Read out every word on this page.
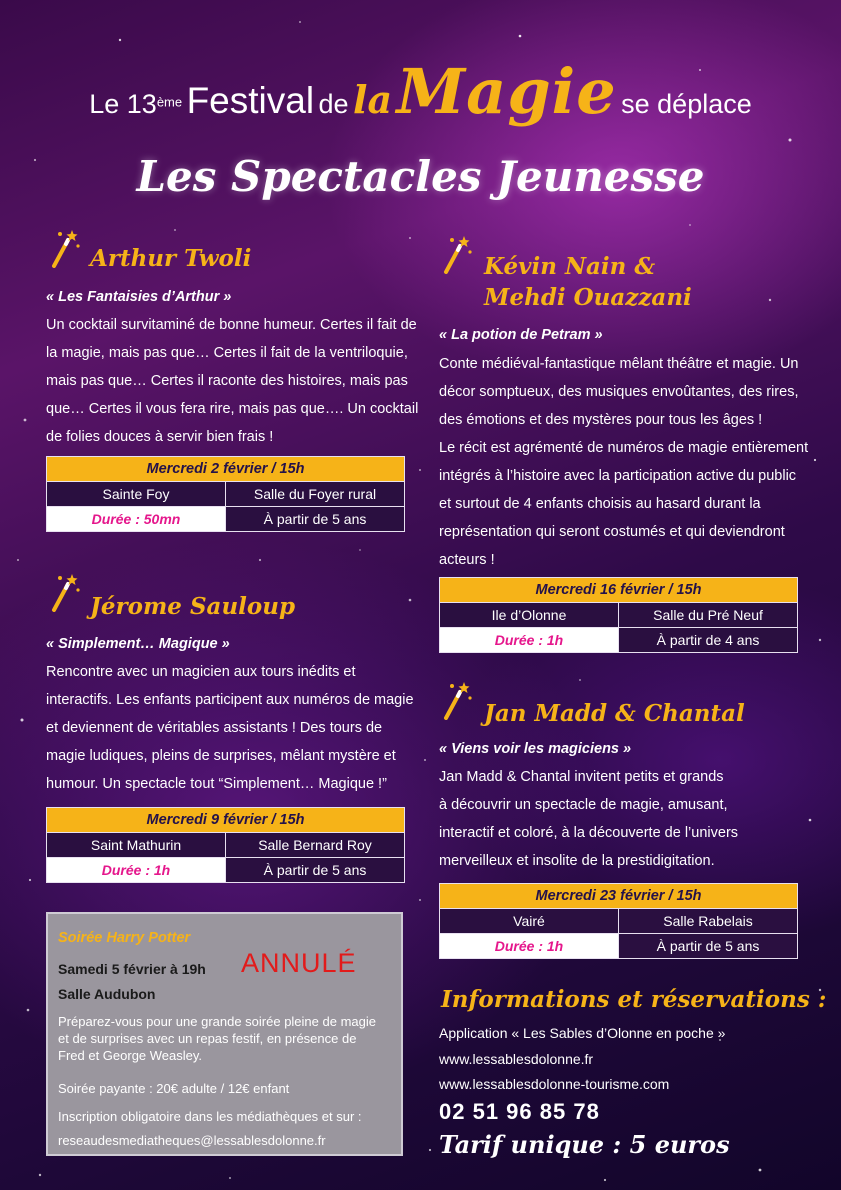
Le 13ème Festival de la Magie se déplace
Les Spectacles Jeunesse
Arthur Twoli
« Les Fantaisies d’Arthur »
Un cocktail survitaminé de bonne humeur. Certes il fait de
la magie, mais pas que… Certes il fait de la ventriloquie,
mais pas que… Certes il raconte des histoires, mais pas
que… Certes il vous fera rire, mais pas que…. Un cocktail
de folies douces à servir bien frais !
Mercredi 2 février / 15h	
Sainte Foy	Salle du Foyer rural
Durée : 50mn	À partir de 5 ans
Jérome Sauloup
« Simplement… Magique »
Rencontre avec un magicien aux tours inédits et
interactifs. Les enfants participent aux numéros de magie
et deviennent de véritables assistants ! Des tours de
magie ludiques, pleins de surprises, mêlant mystère et
humour. Un spectacle tout “Simplement… Magique !”
Mercredi 9 février / 15h	
Saint Mathurin	Salle Bernard Roy
Durée : 1h	À partir de 5 ans
Kévin Nain &
Mehdi Ouazzani
« La potion de Petram »
Conte médiéval-fantastique mêlant théâtre et magie. Un
décor somptueux, des musiques envoûtantes, des rires,
des émotions et des mystères pour tous les âges !
Le récit est agrémenté de numéros de magie entièrement
intégrés à l’histoire avec la participation active du public
et surtout de 4 enfants choisis au hasard durant la
représentation qui seront costumés et qui deviendront
acteurs !
Mercredi 16 février / 15h	
Ile d’Olonne	Salle du Pré Neuf
Durée : 1h	À partir de 4 ans
Jan Madd & Chantal
« Viens voir les magiciens »
Jan Madd & Chantal invitent petits et grands
à découvrir un spectacle de magie, amusant,
interactif et coloré, à la découverte de l’univers
merveilleux et insolite de la prestidigitation.
Mercredi 23 février / 15h	
Vairé	Salle Rabelais
Durée : 1h	À partir de 5 ans
Soirée Harry Potter
Samedi 5 février à 19h ANNULÉ
Salle Audubon
Préparez-vous pour une grande soirée pleine de magie
et de surprises avec un repas festif, en présence de
Fred et George Weasley.
Soirée payante : 20€ adulte / 12€ enfant
Inscription obligatoire dans les médiathèques et sur :
reseaudesmediatheques@lessablesdolonne.fr
Informations et réservations :
Application « Les Sables d’Olonne en poche »
www.lessablesdolonne.fr
www.lessablesdolonne-tourisme.com
02 51 96 85 78
Tarif unique : 5 euros
